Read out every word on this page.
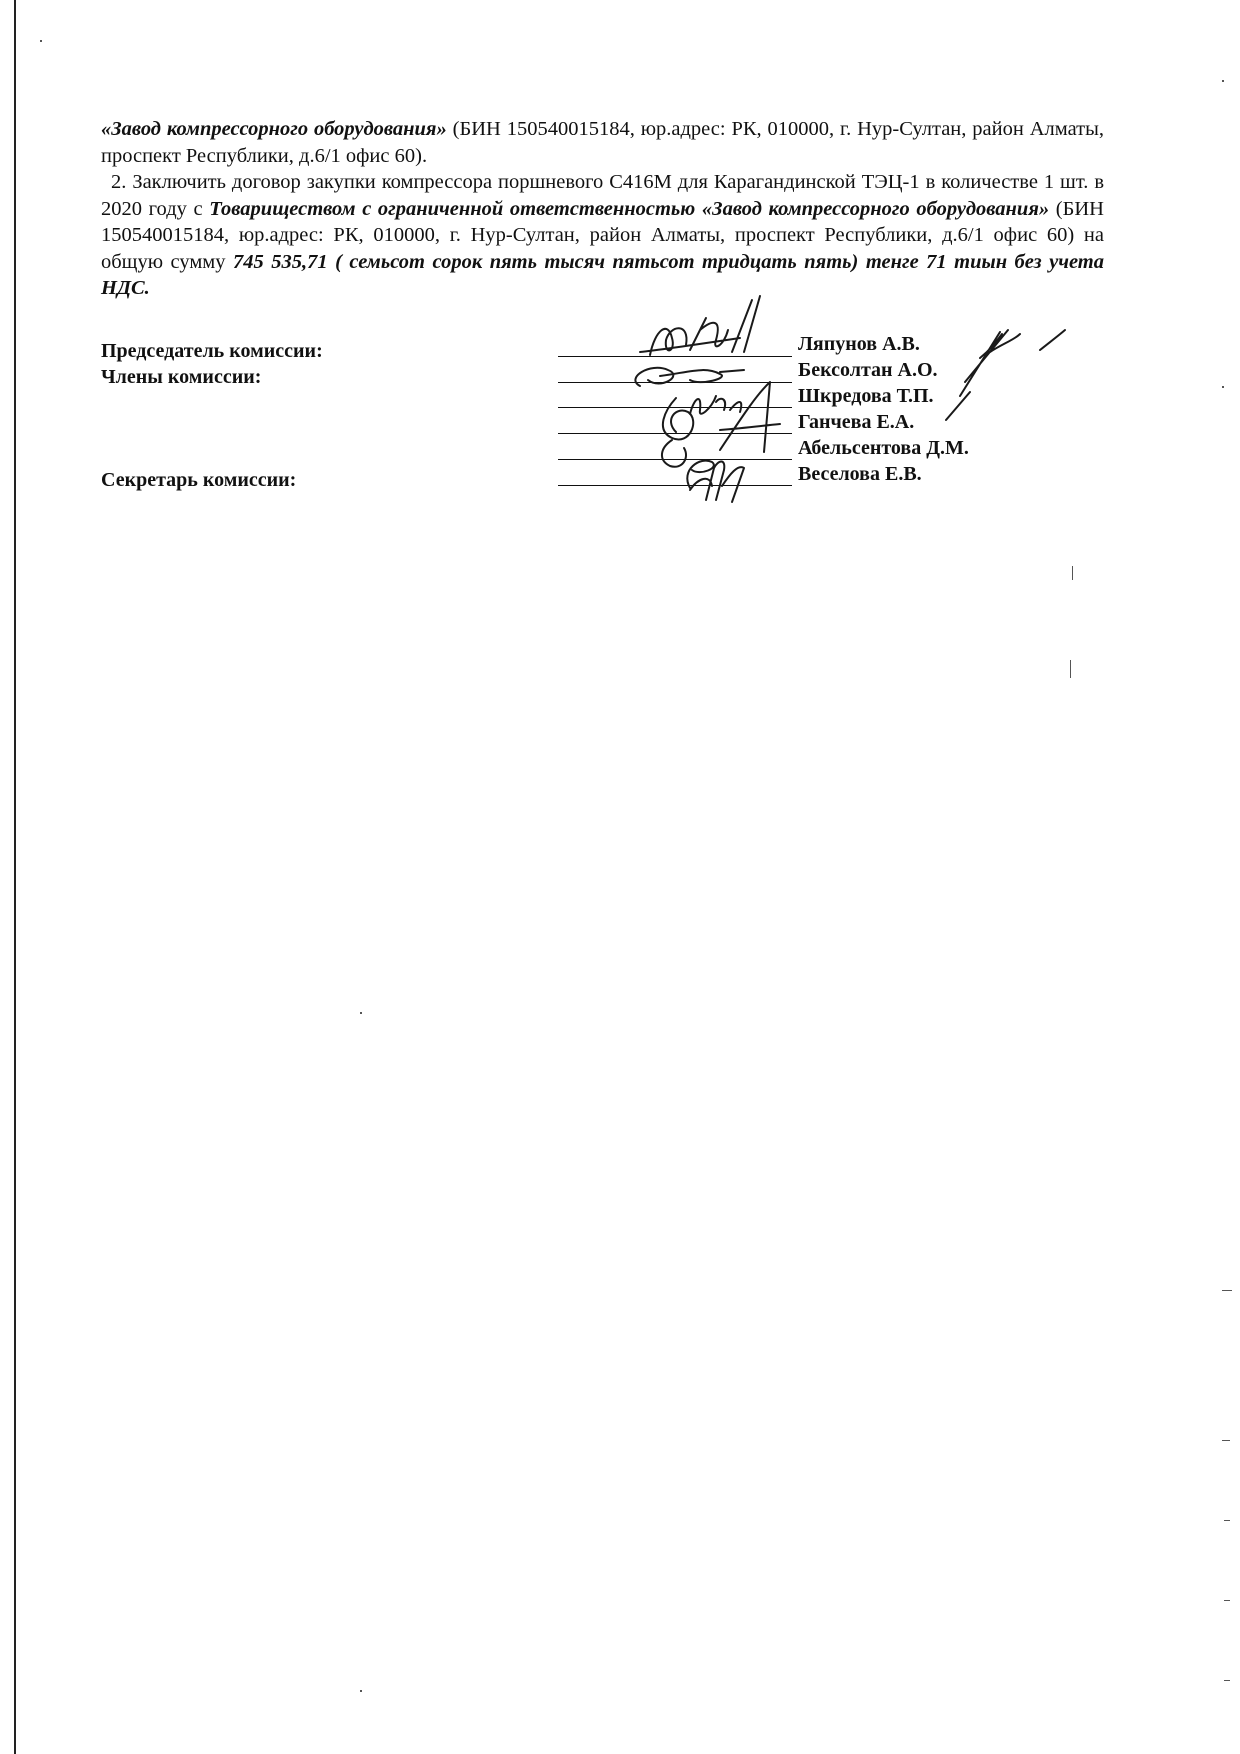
«Завод компрессорного оборудования» (БИН 150540015184, юр.адрес: РК, 010000, г. Нур-Султан, район Алматы, проспект Республики, д.6/1 офис 60).

2. Заключить договор закупки компрессора поршневого С416М для Карагандинской ТЭЦ-1 в количестве 1 шт. в 2020 году с Товариществом с ограниченной ответственностью «Завод компрессорного оборудования» (БИН 150540015184, юр.адрес: РК, 010000, г. Нур-Султан, район Алматы, проспект Республики, д.6/1 офис 60) на общую сумму 745 535,71 ( семьсот сорок пять тысяч пятьсот тридцать пять) тенге 71 тиын без учета НДС.

Председатель комиссии:
Члены комиссии:
Секретарь комиссии:
Ляпунов А.В.
Бексолтан А.О.
Шкредова Т.П.
Ганчева Е.А.
Абельсентова Д.М.
Веселова Е.В.
